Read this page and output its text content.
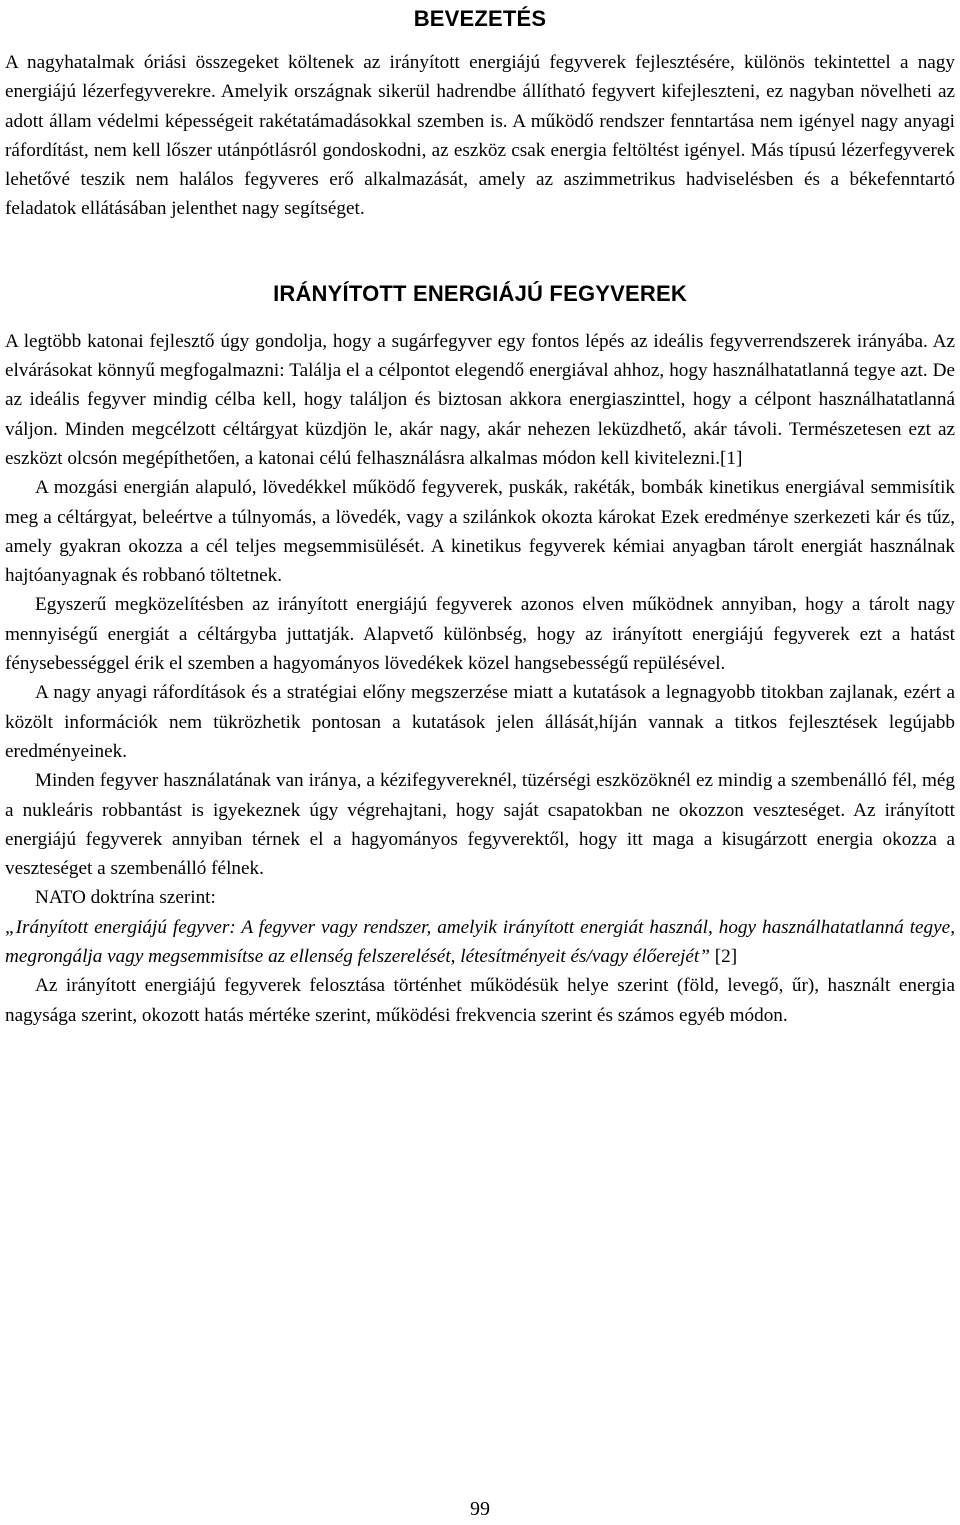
BEVEZETÉS

A nagyhatalmak óriási összegeket költenek az irányított energiájú fegyverek fejlesztésére, különös tekintettel a nagy energiájú lézerfegyverekre. Amelyik országnak sikerül hadrendbe állítható fegyvert kifejleszteni, ez nagyban növelheti az adott állam védelmi képességeit rakétatámadásokkal szemben is. A működő rendszer fenntartása nem igényel nagy anyagi ráfordítást, nem kell lőszer utánpótlásról gondoskodni, az eszköz csak energia feltöltést igényel. Más típusú lézerfegyverek lehetővé teszik nem halálos fegyveres erő alkalmazását, amely az aszimmetrikus hadviselésben és a békefenntartó feladatok ellátásában jelenthet nagy segítséget.

IRÁNYÍTOTT ENERGIÁJÚ FEGYVEREK

A legtöbb katonai fejlesztő úgy gondolja, hogy a sugárfegyver egy fontos lépés az ideális fegyverrendszerek irányába. Az elvárásokat könnyű megfogalmazni: Találja el a célpontot elegendő energiával ahhoz, hogy használhatatlanná tegye azt. De az ideális fegyver mindig célba kell, hogy találjon és biztosan akkora energiaszinttel, hogy a célpont használhatatlanná váljon. Minden megcélzott céltárgyat küzdjön le, akár nagy, akár nehezen leküzdhető, akár távoli. Természetesen ezt az eszközt olcsón megépíthetően, a katonai célú felhasználásra alkalmas módon kell kivitelezni.[1]

A mozgási energián alapuló, lövedékkel működő fegyverek, puskák, rakéták, bombák kinetikus energiával semmisítik meg a céltárgyat, beleértve a túlnyomás, a lövedék, vagy a szilánkok okozta károkat Ezek eredménye szerkezeti kár és tűz, amely gyakran okozza a cél teljes megsemmisülését. A kinetikus fegyverek kémiai anyagban tárolt energiát használnak hajtóanyagnak és robbanó töltetnek.

Egyszerű megközelítésben az irányított energiájú fegyverek azonos elven működnek annyiban, hogy a tárolt nagy mennyiségű energiát a céltárgyba juttatják. Alapvető különbség, hogy az irányított energiájú fegyverek ezt a hatást fénysebességgel érik el szemben a hagyományos lövedékek közel hangsebességű repülésével.

A nagy anyagi ráfordítások és a stratégiai előny megszerzése miatt a kutatások a legnagyobb titokban zajlanak, ezért a közölt információk nem tükrözhetik pontosan a kutatások jelen állását,híján vannak a titkos fejlesztések legújabb eredményeinek.

Minden fegyver használatának van iránya, a kézifegyvereknél, tüzérségi eszközöknél ez mindig a szembenálló fél, még a nukleáris robbantást is igyekeznek úgy végrehajtani, hogy saját csapatokban ne okozzon veszteséget. Az irányított energiájú fegyverek annyiban térnek el a hagyományos fegyverektől, hogy itt maga a kisugárzott energia okozza a veszteséget a szembenálló félnek.

NATO doktrína szerint:

„Irányított energiájú fegyver: A fegyver vagy rendszer, amelyik irányított energiát használ, hogy használhatatlanná tegye, megrongálja vagy megsemmisítse az ellenség felszerelését, létesítményeit és/vagy élőerejét” [2]

Az irányított energiájú fegyverek felosztása történhet működésük helye szerint (föld, levegő, űr), használt energia nagysága szerint, okozott hatás mértéke szerint, működési frekvencia szerint és számos egyéb módon.

99
